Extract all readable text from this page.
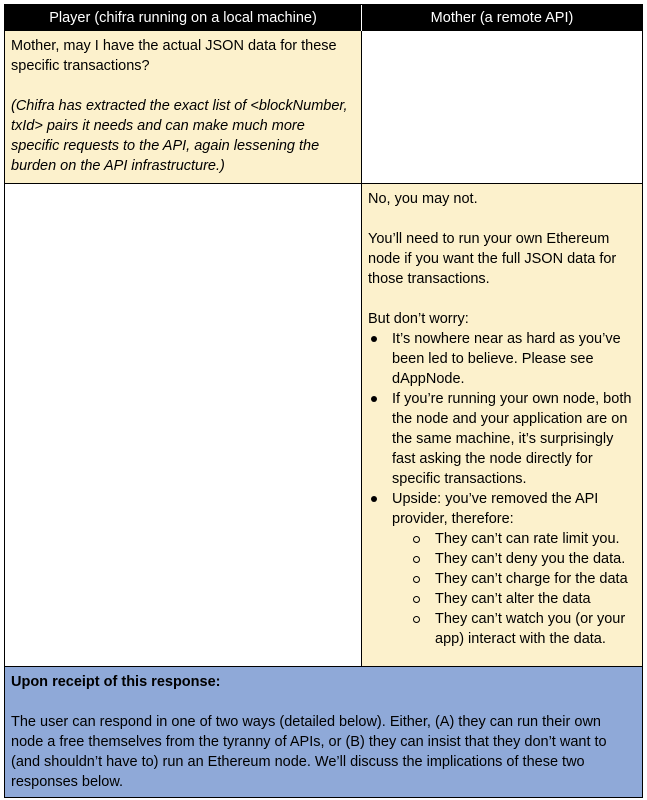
Player (chifra running on a local machine)	Mother (a remote API)

Mother, may I have the actual JSON data for these specific transactions?

(Chifra has extracted the exact list of <blockNumber, txId> pairs it needs and can make much more specific requests to the API, again lessening the burden on the API infrastructure.)

No, you may not.

You’ll need to run your own Ethereum node if you want the full JSON data for those transactions.

But don’t worry:

It’s nowhere near as hard as you’ve been led to believe. Please see dAppNode.
If you’re running your own node, both the node and your application are on the same machine, it’s surprisingly fast asking the node directly for specific transactions.
Upside: you’ve removed the API provider, therefore:
They can’t can rate limit you.
They can’t deny you the data.
They can’t charge for the data
They can’t alter the data
They can’t watch you (or your app) interact with the data.

Upon receipt of this response:

The user can respond in one of two ways (detailed below). Either, (A) they can run their own node a free themselves from the tyranny of APIs, or (B) they can insist that they don’t want to (and shouldn’t have to) run an Ethereum node. We’ll discuss the implications of these two responses below.
